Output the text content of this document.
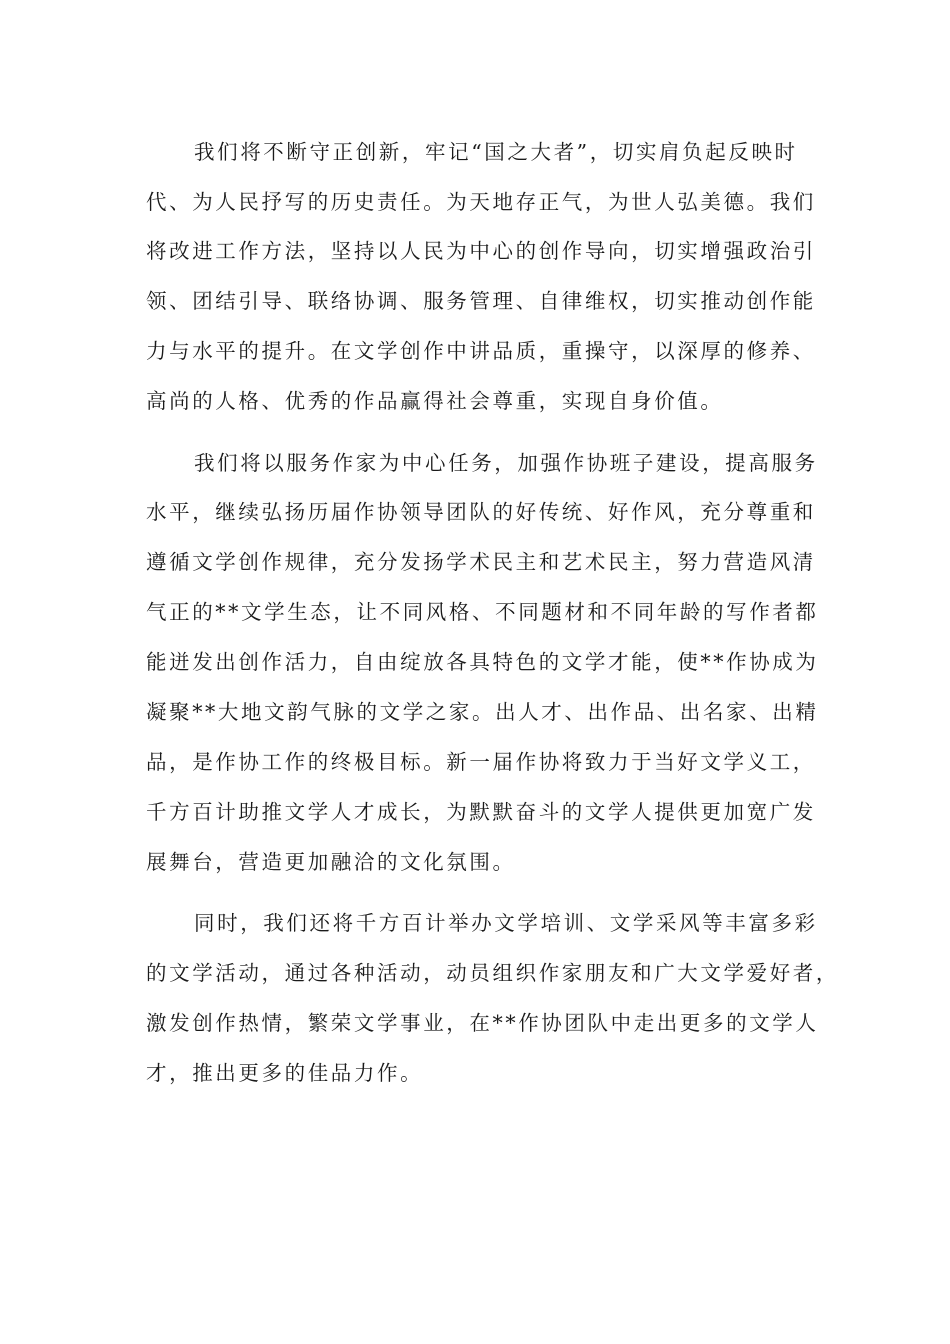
我们将不断守正创新，牢记“国之大者”，切实肩负起反映时
代、为人民抒写的历史责任。为天地存正气，为世人弘美德。我们
将改进工作方法，坚持以人民为中心的创作导向，切实增强政治引
领、团结引导、联络协调、服务管理、自律维权，切实推动创作能
力与水平的提升。在文学创作中讲品质，重操守，以深厚的修养、
高尚的人格、优秀的作品赢得社会尊重，实现自身价值。
我们将以服务作家为中心任务，加强作协班子建设，提高服务
水平，继续弘扬历届作协领导团队的好传统、好作风，充分尊重和
遵循文学创作规律，充分发扬学术民主和艺术民主，努力营造风清
气正的**文学生态，让不同风格、不同题材和不同年龄的写作者都
能迸发出创作活力，自由绽放各具特色的文学才能，使**作协成为
凝聚**大地文韵气脉的文学之家。出人才、出作品、出名家、出精
品，是作协工作的终极目标。新一届作协将致力于当好文学义工，
千方百计助推文学人才成长，为默默奋斗的文学人提供更加宽广发
展舞台，营造更加融洽的文化氛围。
同时，我们还将千方百计举办文学培训、文学采风等丰富多彩
的文学活动，通过各种活动，动员组织作家朋友和广大文学爱好者，
激发创作热情，繁荣文学事业，在**作协团队中走出更多的文学人
才，推出更多的佳品力作。
